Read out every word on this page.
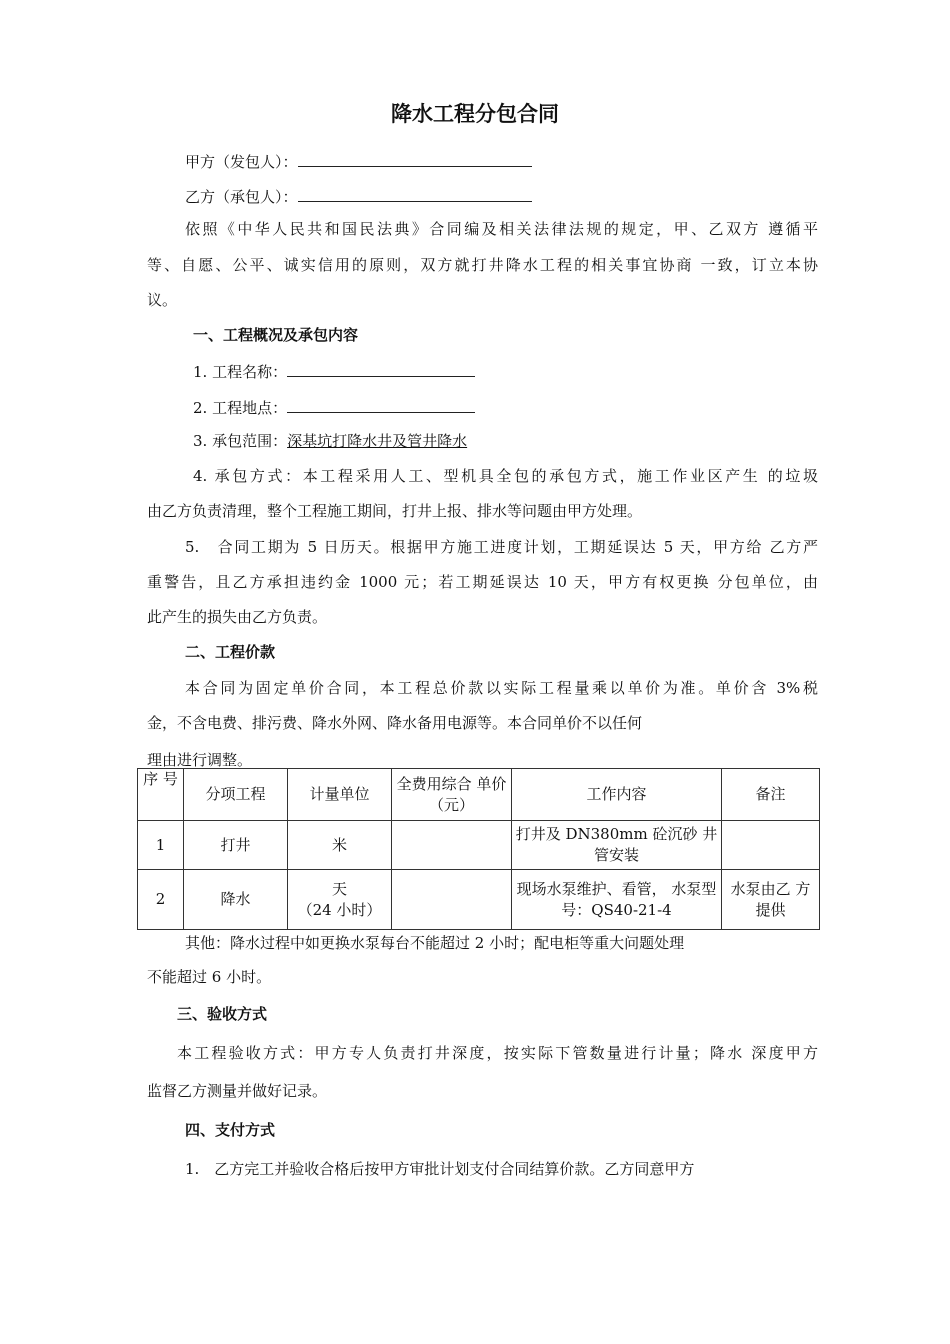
降水工程分包合同
甲方（发包人）：
乙方（承包人）：
依照《中华人民共和国民法典》合同编及相关法律法规的规定，甲、乙双方 遵循平
等、自愿、公平、诚实信用的原则，双方就打井降水工程的相关事宜协商 一致，订立本协
议。
一、工程概况及承包内容
1. 工程名称：
2. 工程地点：
3. 承包范围：深基坑打降水井及管井降水
4. 承包方式：本工程采用人工、型机具全包的承包方式，施工作业区产生 的垃圾
由乙方负责清理，整个工程施工期间，打井上报、排水等问题由甲方处理。
5.　合同工期为 5 日历天。根据甲方施工进度计划，工期延误达 5 天，甲方给 乙方严
重警告，且乙方承担违约金 1000 元；若工期延误达 10 天，甲方有权更换 分包单位，由
此产生的损失由乙方负责。
二、工程价款
本合同为固定单价合同，本工程总价款以实际工程量乘以单价为准。单价含 3%税
金，不含电费、排污费、降水外网、降水备用电源等。本合同单价不以任何
理由进行调整。
序 号	分项工程	计量单位	全费用综合 单价（元）	工作内容	备注
1	打井	米		打井及 DN380mm 砼沉砂 井管安装	
2	降水	天
（24 小时）		现场水泵维护、看管， 水泵型号：QS40-21-4	水泵由乙 方提供
其他：降水过程中如更换水泵每台不能超过 2 小时；配电柜等重大问题处理
不能超过 6 小时。
三、验收方式
本工程验收方式：甲方专人负责打井深度，按实际下管数量进行计量；降水 深度甲方
监督乙方测量并做好记录。
四、支付方式
1.　乙方完工并验收合格后按甲方审批计划支付合同结算价款。乙方同意甲方
